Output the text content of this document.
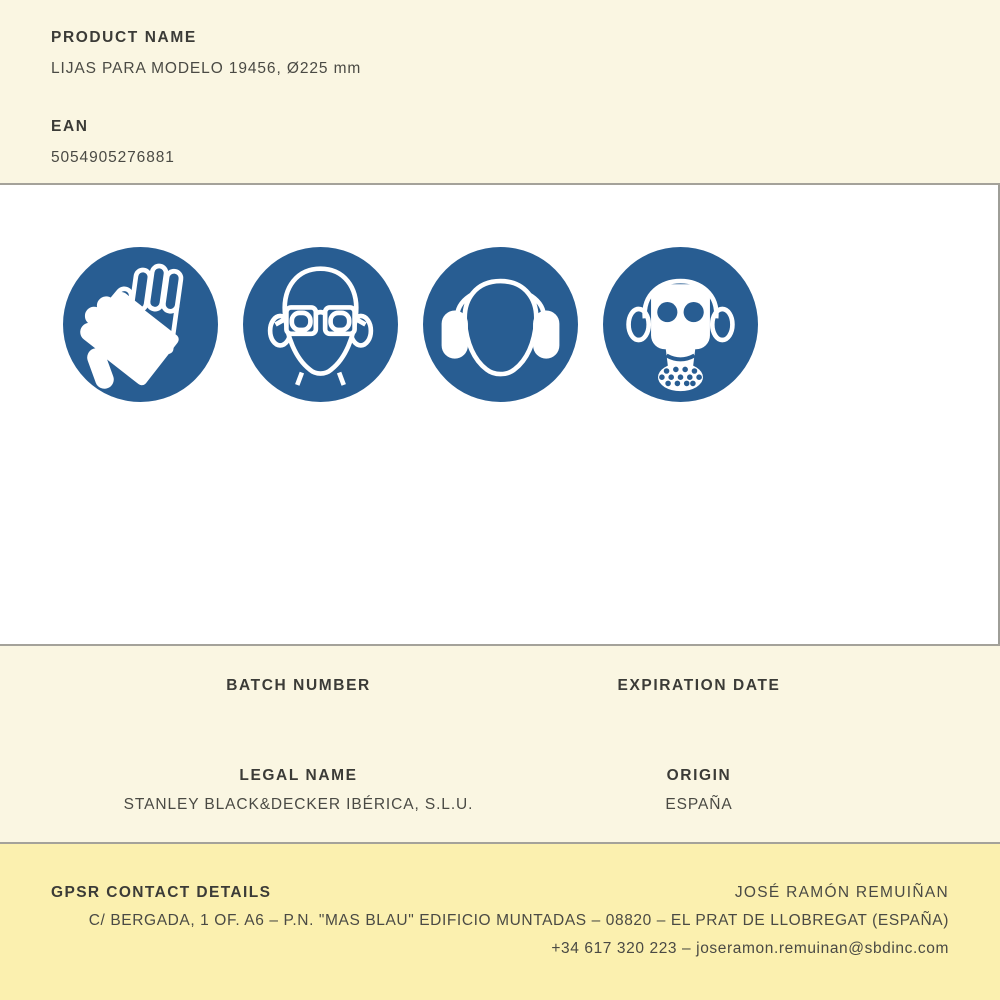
PRODUCT NAME
LIJAS PARA MODELO 19456, Ø225 mm
EAN
5054905276881
BATCH NUMBER
LEGAL NAME
STANLEY BLACK&DECKER IBÉRICA, S.L.U.
EXPIRATION DATE
ORIGIN
ESPAÑA
GPSR CONTACT DETAILS	JOSÉ RAMÓN REMUIÑAN
C/ BERGADA, 1 OF. A6 – P.N. "MAS BLAU" EDIFICIO MUNTADAS – 08820 – EL PRAT DE LLOBREGAT (ESPAÑA)
+34 617 320 223 – joseramon.remuinan@sbdinc.com
